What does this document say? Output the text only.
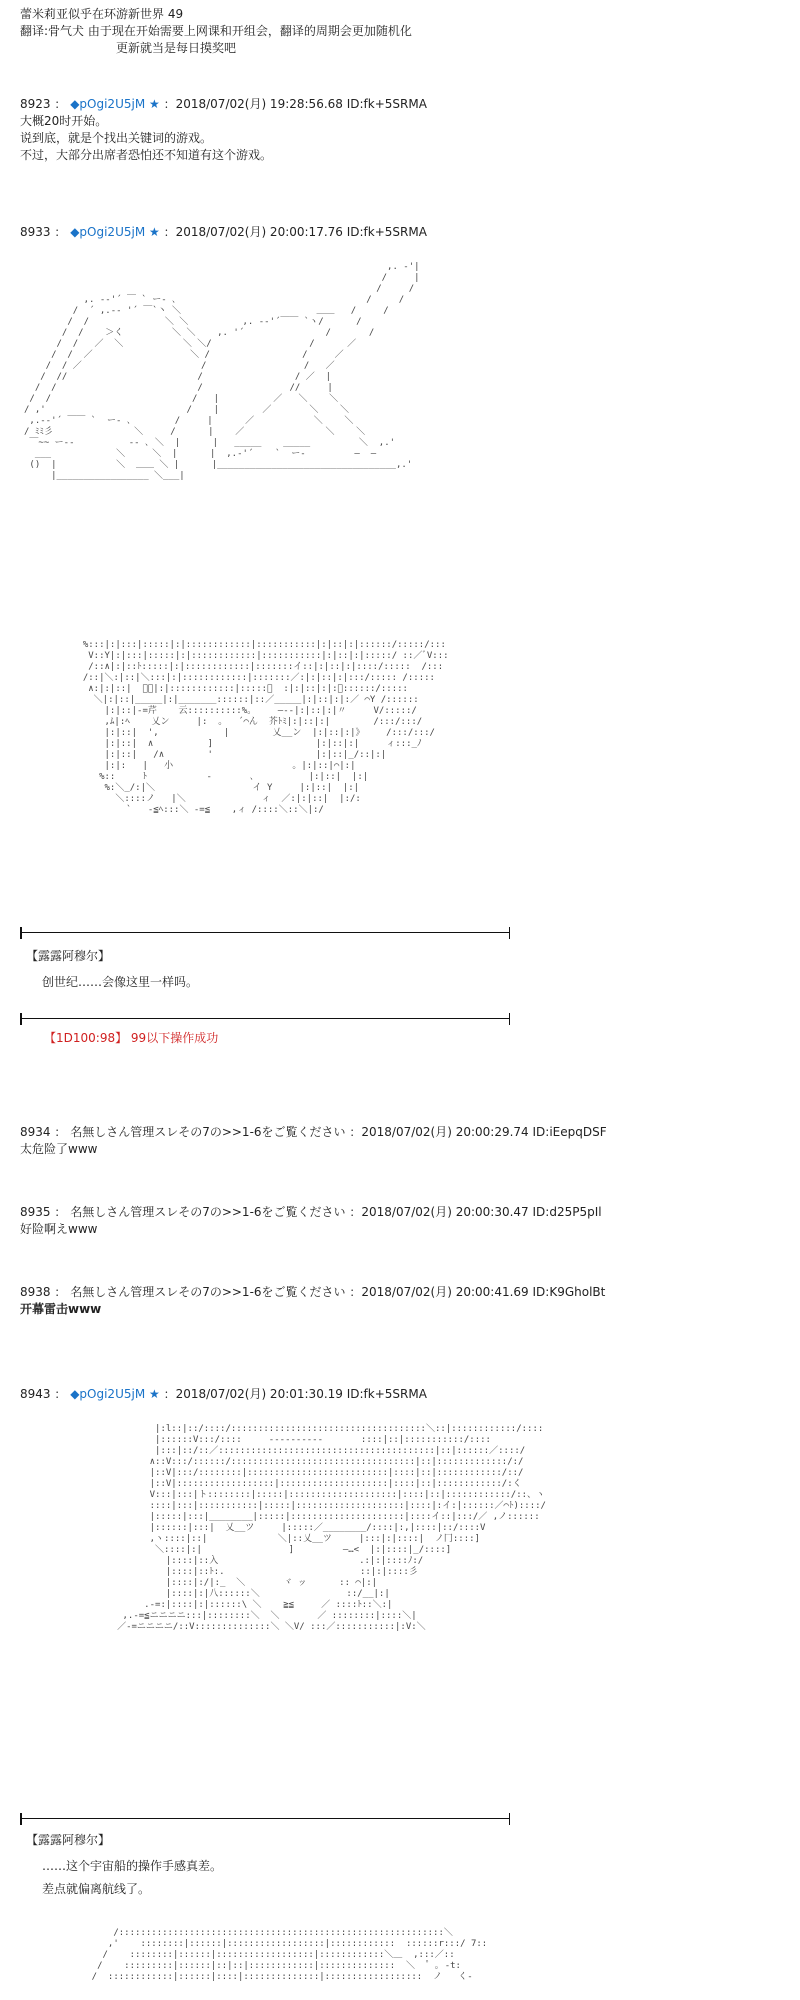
蕾米莉亚似乎在环游新世界 49
翻译:骨气犬 由于现在开始需要上网课和开组会，翻译的周期会更加随机化
更新就当是每日摸奖吧
8923 ： ◆pOgi2U5jM ★ ：2018/07/02(月) 19:28:56.68 ID:fk+5SRMA
大概20时开始。
说到底，就是个找出关键词的游戏。
不过，大部分出席者恐怕还不知道有这个游戏。
8933 ： ◆pOgi2U5jM ★ ：2018/07/02(月) 20:00:17.76 ID:fk+5SRMA
,. -'|
/     |
/     /
,. -‐'´ ￣ ` ー- ､                                   /     /
/  ´ ,.-‐ '´ ￣`丶 ＼                         ＿＿   /     /
/  /              ＼ ＼          ,. -‐'´￣￣ `ヽ/      /
/  /    ＞く         ＼ ＼    ,. '´               /       /
/  /   ／  ＼           ＼ ＼/                  /      ／
/  /  ／                  ＼ /                 /     ／
/  / ／                      /                  /   ／
/  //                        /                 / ／  |
/  /                          /                //     |
/  /                          /   |          ／   ＼    ＼
/ ,'                          /    |        ／       ＼    ＼
,.-‐'´ ￣￣ `  ー- ､        /     |      ／           ＼    ＼
/ ﾐﾐ彡               ＼     /      |    ／               ＼    ＼
￣~~ ー--          ‐- ､ ＼  |      |   _____    _____         ＼  ,.'
___            ＼     ＼  |      |  ,.-'´    `  ー-         ―  ―
()  |           ＼  ＿＿ ＼ |      |_________________________________,.'
|_________________ ＼___|
%:::|:|:::|:::::|:|::::::::::::|:::::::::::|:|::|:|::::::/:::::/:::
V::Y|:|:::|:::::|:|::::::::::::|:::::::::::|:|::|:|:::::/ ::／ﾞV:::
/::∧|:|::ﾄ:::::|:|::::::::::::|:::::::イ::|:|::|:|::::/:::::  /:::
/::|＼:|::|＼:::|:|::::::::::::|:::::::／:|:|::|:|:::/::::: /:::::
∧:|:|::|  ﾟ。|:|::::::::::::|:::::／  :|:|::|:|:。::::::/:::::
＼|:|::|_____|:|_______::::::|::／_____|:|::|:|:／ ⌒Y /::::::
|:|::|-=芹    云::::::::::%。    ―‐-|:|::|:|〃     V/:::::/
,ﾑ|:ﾍ    乂ン     |:  。  ´⌒ん  芥ﾄﾐ|:|::|:|        /:::/:::/
|:|::|  ',            |        乂__ン  |:|::|:|》    /:::/:::/
|:|::|  ∧          ]                   |:|::|:|     ィ:::_ﾉ
|:|::|   /∧        '                   |:|::|_/::|:|
|:|:   |   小                      。|:|::|⌒|:|
%::     ﾄ           -       ､          |:|::|  |:|
%:＼_/:|＼                  イ Y     |:|::|  |:|
＼::::ノ   |＼              ィ  ／:|:|::|  |:/:
`   -≦ﾍ:::＼ -=≦    ,ィ /::::＼::＼|:/
【露露阿穆尔】
创世纪……会像这里一样吗。
【1D100:98】 99以下操作成功
8934 ： 名無しさん管理スレその7の>>1-6をご覧ください ：2018/07/02(月) 20:00:29.74 ID:iEepqDSF
太危险了www
8935 ： 名無しさん管理スレその7の>>1-6をご覧ください ：2018/07/02(月) 20:00:30.47 ID:d25P5pIl
好险啊えwww
8938 ： 名無しさん管理スレその7の>>1-6をご覧ください ：2018/07/02(月) 20:00:41.69 ID:K9GholBt
开幕雷击www
8943 ： ◆pOgi2U5jM ★ ：2018/07/02(月) 20:01:30.19 ID:fk+5SRMA
|:l::|::/::::/::::::::::::::::::::::::::::::::::::＼::|::::::::::::/::::
|::::::V:::/::::     ‐‐‐‐‐‐‐‐‐‐       ::::|::|:::::::::::/::::
|:::|::/::／::::::::::::::::::::::::::::::::::::::::|::|::::::／::::/
∧::V:::/::::::/::::::::::::::::::::::::::::::::::|::|:::::::::::::/:/
|::V|:::/::::::::|::::::::::::::::::::::::::|::::|::|::::::::::::/::/
|::V|::::::::::::::::::|::::::::::::::::::::|::::|::|::::::::::::/:く
V:::|:::|ト::::::::|:::::|::::::::::::::::::::|::::|::|::::::::::::/::、ヽ
::::|:::|:::::::::::|:::::|::::::::::::::::::::|::::|:イ:|::::::／⌒ﾄ)::::/
|:::::|:::|________|:::::|:::::::::::::::::::::|::::イ::|:::/／ ,ノ::::::
|::::::|:::|  乂__ツ     |:::::／________/::::|:,|::::|::/::::V
,ヽ::::|::|             ＼|::乂__ツ     |:::|:|::::|  ノ冂::::]
＼::::|:|                ]         ―…<  |:|::::|_/::::]
|::::|::入                          .:|:|::::ﾉ:/
|::::|::ﾄ:.                         ::|:|::::彡
|::::|:/|:_  ＼       ヾ ッ      :: ⌒|:|
|::::|:|八::::::＼                ::/__|:|
.-=:|::::|:|::::::\ ＼    ≧≦     ／ ::::ﾄ::＼:|
,.-=≦ニニニニ:::|::::::::＼  ＼       ／ ::::::::|::::＼|
／-=ニニニニ/::V::::::::::::::＼ ＼V/ :::／:::::::::::|:V:＼
【露露阿穆尔】
……这个宇宙船的操作手感真差。
差点就偏离航线了。
/::::::::::::::::::::::::::::::::::::::::::::::::::::::::::::＼
,'    ::::::::|::::::|::::::::::::::::::|::::::::::::  ::::::r:::/ 7::
/    ::::::::|::::::|::::::::::::::::::|::::::::::::＼＿  ,:::／::
/    :::::::::|::::::|::|::|::::::::::::|::::::::::::::  ＼  ゜｡ ‐t:
/  ::::::::::::|::::::|::::|::::::::::::::|::::::::::::::::::  ノ   く‐
